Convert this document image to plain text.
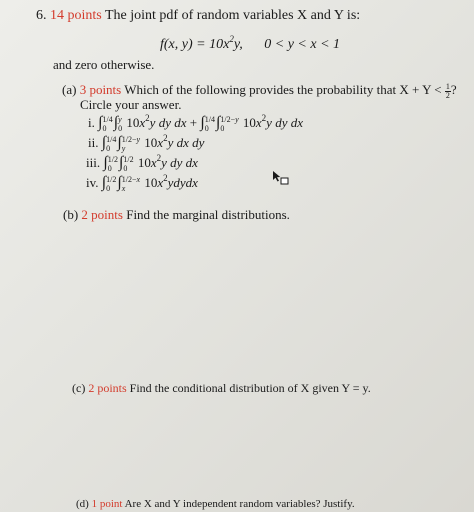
6. 14 points The joint pdf of random variables X and Y is:
f(x, $y) = 10x^2y$, 0 < y < x < 1
and zero otherwise.
(a) 3 points Which of the following provides the probability that $X + Y < \frac{1}{2}$ ?
Circle your answer.
i. ∫1/4
0 ∫y
0 $10x^2y$ dy dx + ∫1/4
0 ∫1/2−y
0 $10x^2y$ dy dx
ii. ∫1/4
0 ∫1/2−y
y $10x^2y$ dx dy
iii. ∫1/2
0 ∫1/2
0 $10x^2y$ dy dx
iv. ∫1/2
0 ∫1/2−x
x $10x^2ydydx$
(b) 2 points Find the marginal distributions.
(c) 2 points Find the conditional distribution of X given Y = y.
(d) 1 point Are X and Y independent random variables? Justify.
